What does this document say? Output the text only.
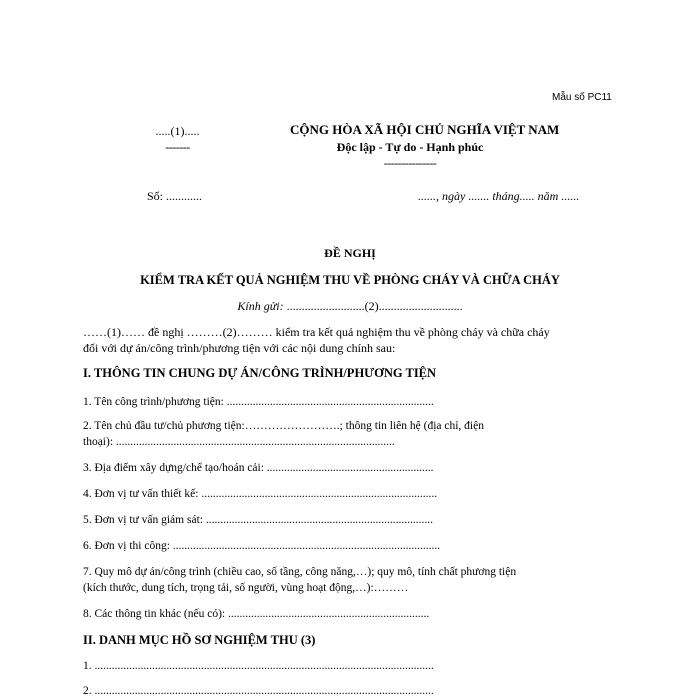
Mẫu số PC11
.....(1).....
-------
CỘNG HÒA XÃ HỘI CHỦ NGHĨA VIỆT NAM
Độc lập - Tự do - Hạnh phúc
---------------
Số: ............	......, ngày ....... tháng..... năm ......
ĐỀ NGHỊ
KIỂM TRA KẾT QUẢ NGHIỆM THU VỀ PHÒNG CHÁY VÀ CHỮA CHÁY
Kính gửi: ..........................(2)............................
……(1)…… đề nghị ………(2)……… kiểm tra kết quả nghiệm thu về phòng cháy và chữa cháy
đối với dự án/công trình/phương tiện với các nội dung chính sau:
I. THÔNG TIN CHUNG DỰ ÁN/CÔNG TRÌNH/PHƯƠNG TIỆN
1. Tên công trình/phương tiện: ........................................................................
2. Tên chủ đầu tư/chủ phương tiện:…………………….; thông tin liên hệ (địa chỉ, điện
thoại): .................................................................................................
3. Địa điểm xây dựng/chế tạo/hoán cải: ..........................................................
4. Đơn vị tư vấn thiết kế: ..................................................................................
5. Đơn vị tư vấn giám sát: ...............................................................................
6. Đơn vị thi công: .............................................................................................
7. Quy mô dự án/công trình (chiều cao, số tầng, công năng,…); quy mô, tính chất phương tiện
(kích thước, dung tích, trọng tải, số người, vùng hoạt động,…):………
8. Các thông tin khác (nếu có): ......................................................................
II. DANH MỤC HỒ SƠ NGHIỆM THU (3)
1. ......................................................................................................................
2. ......................................................................................................................
